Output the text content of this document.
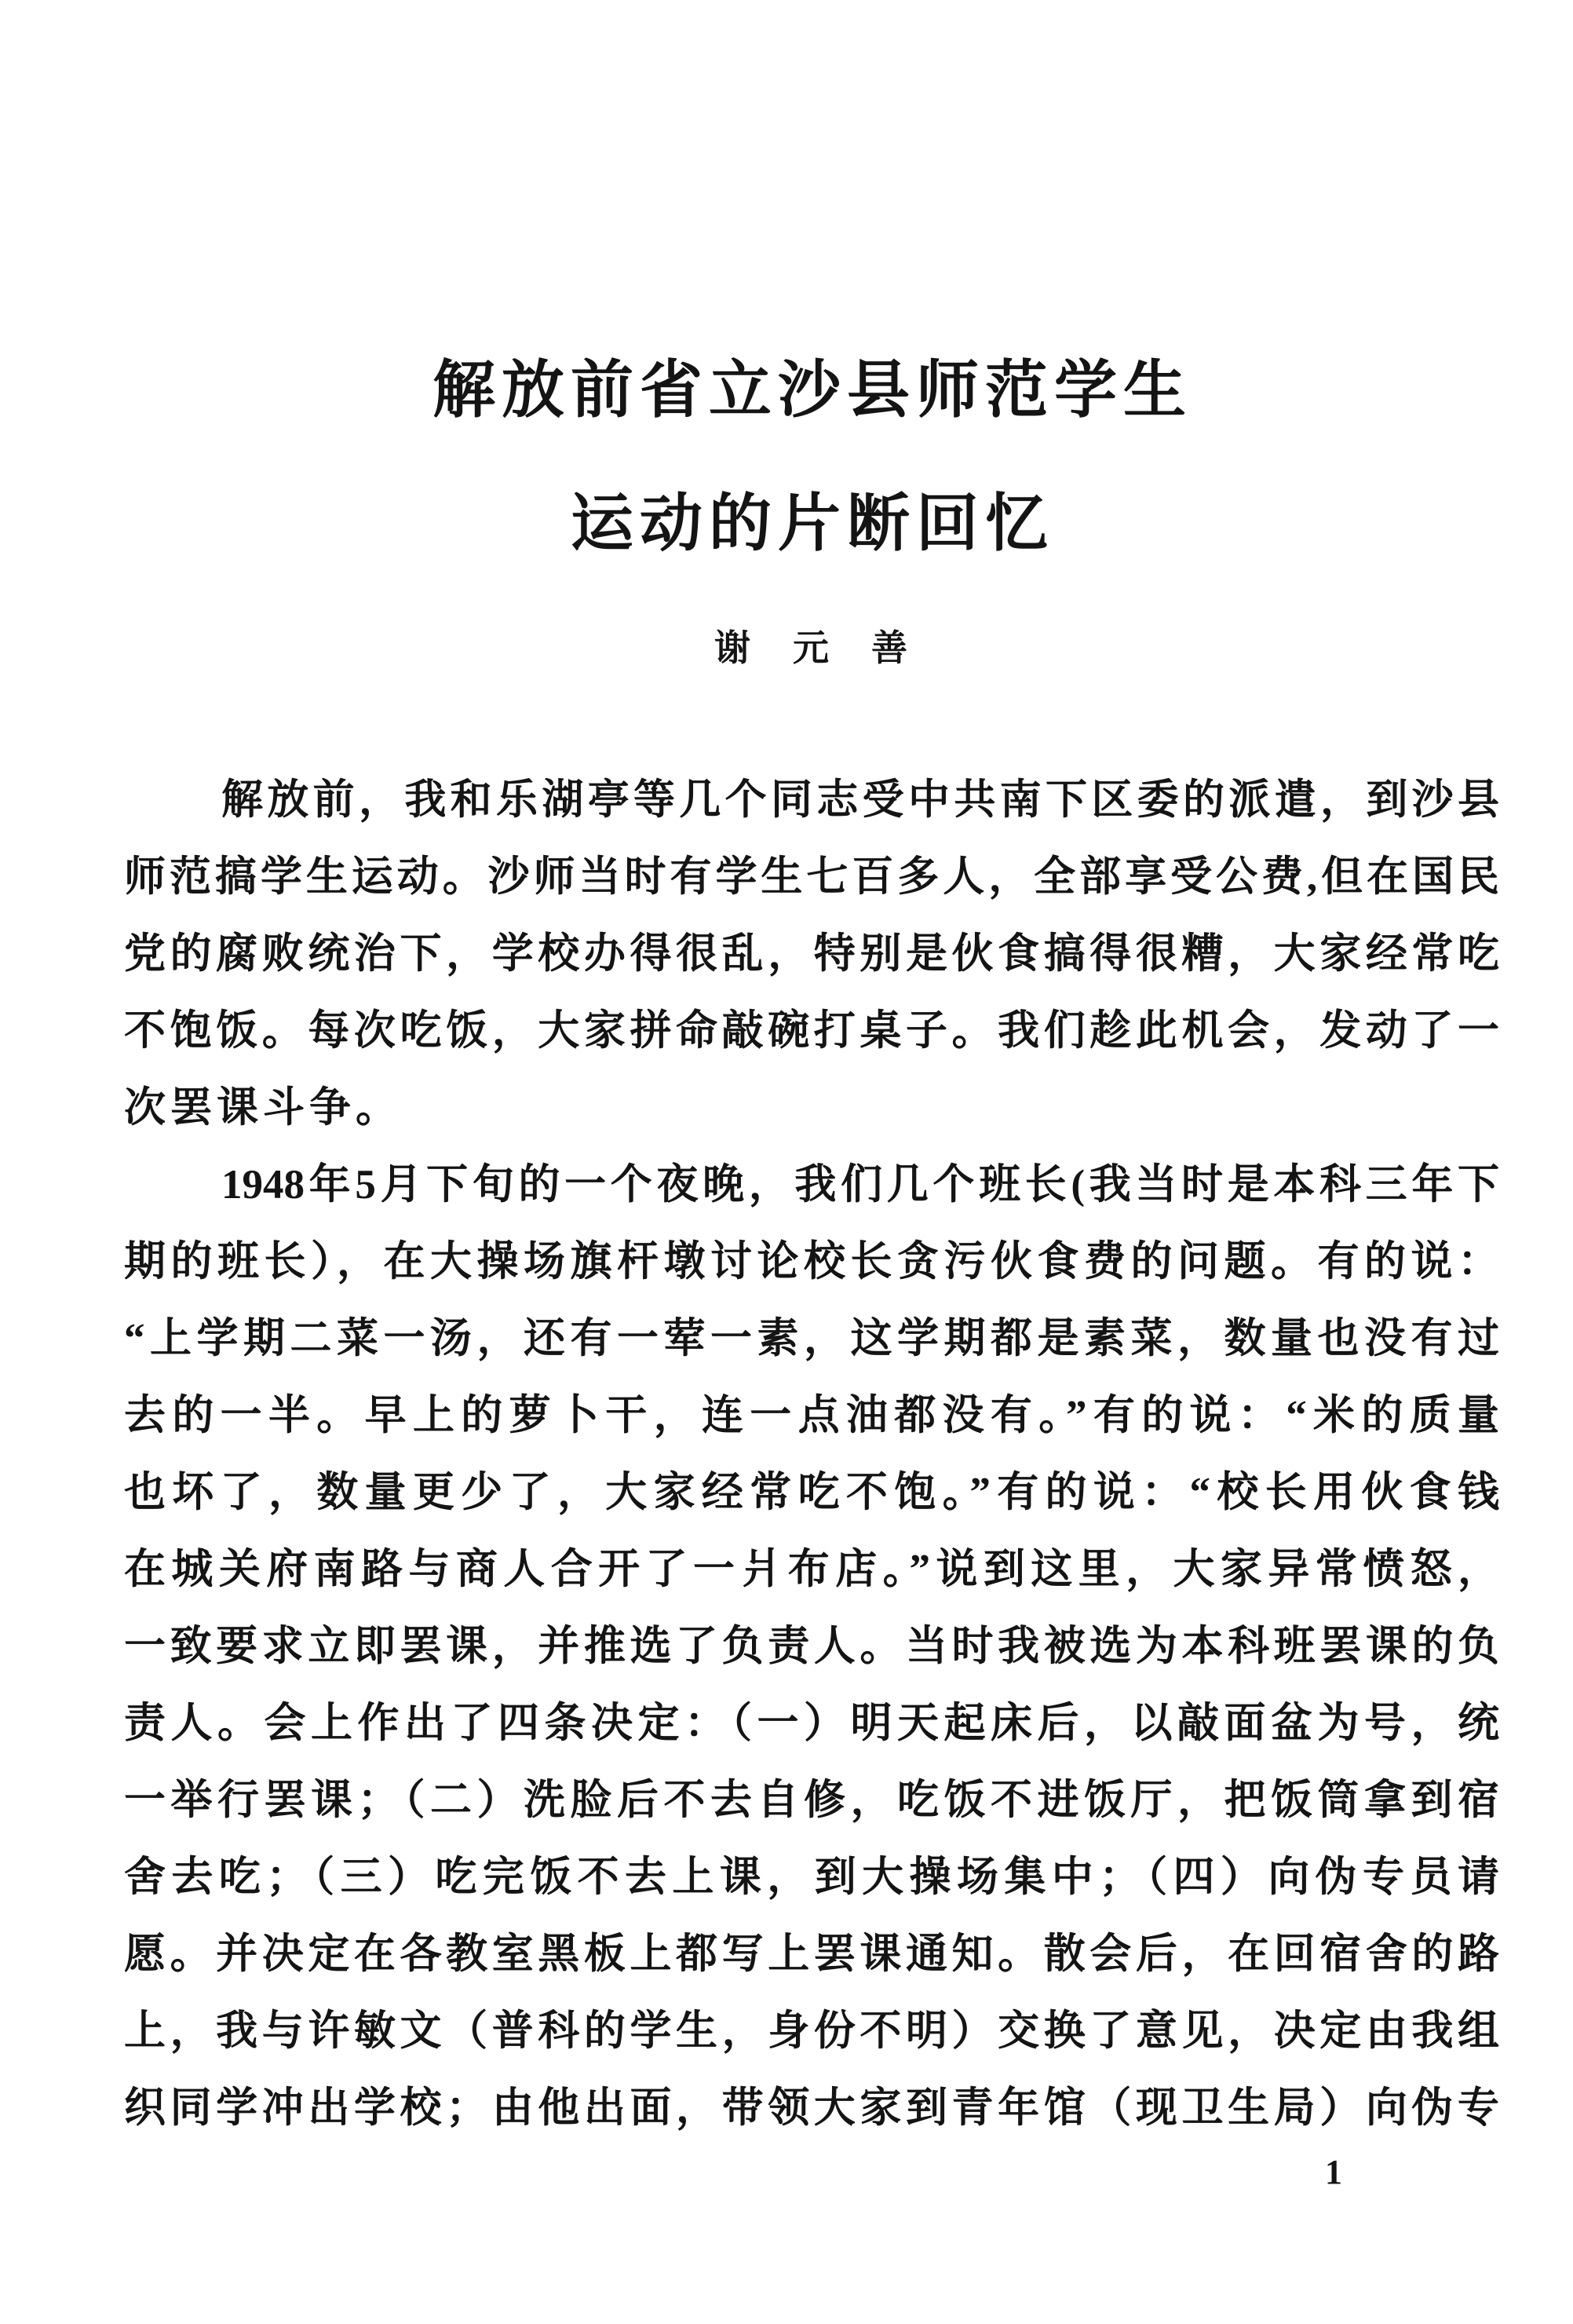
解放前省立沙县师范学生
运动的片断回忆
谢　元　善
解放前，我和乐湖亭等几个同志受中共南下区委的派遣，到沙县
师范搞学生运动。沙师当时有学生七百多人，全部享受公费,但在国民
党的腐败统治下，学校办得很乱，特别是伙食搞得很糟，大家经常吃
不饱饭。每次吃饭，大家拼命敲碗打桌子。我们趁此机会，发动了一
次罢课斗争。
1948年5月下旬的一个夜晚，我们几个班长(我当时是本科三年下
期的班长），在大操场旗杆墩讨论校长贪污伙食费的问题。有的说：
“上学期二菜一汤，还有一荤一素，这学期都是素菜，数量也没有过
去的一半。早上的萝卜干，连一点油都没有。”有的说：“米的质量
也坏了，数量更少了，大家经常吃不饱。”有的说：“校长用伙食钱
在城关府南路与商人合开了一爿布店。”说到这里，大家异常愤怒，
一致要求立即罢课，并推选了负责人。当时我被选为本科班罢课的负
责人。会上作出了四条决定：（一）明天起床后，以敲面盆为号，统
一举行罢课；（二）洗脸后不去自修，吃饭不进饭厅，把饭筒拿到宿
舍去吃；（三）吃完饭不去上课，到大操场集中；（四）向伪专员请
愿。并决定在各教室黑板上都写上罢课通知。散会后，在回宿舍的路
上，我与许敏文（普科的学生，身份不明）交换了意见，决定由我组
织同学冲出学校；由他出面，带领大家到青年馆（现卫生局）向伪专
1
